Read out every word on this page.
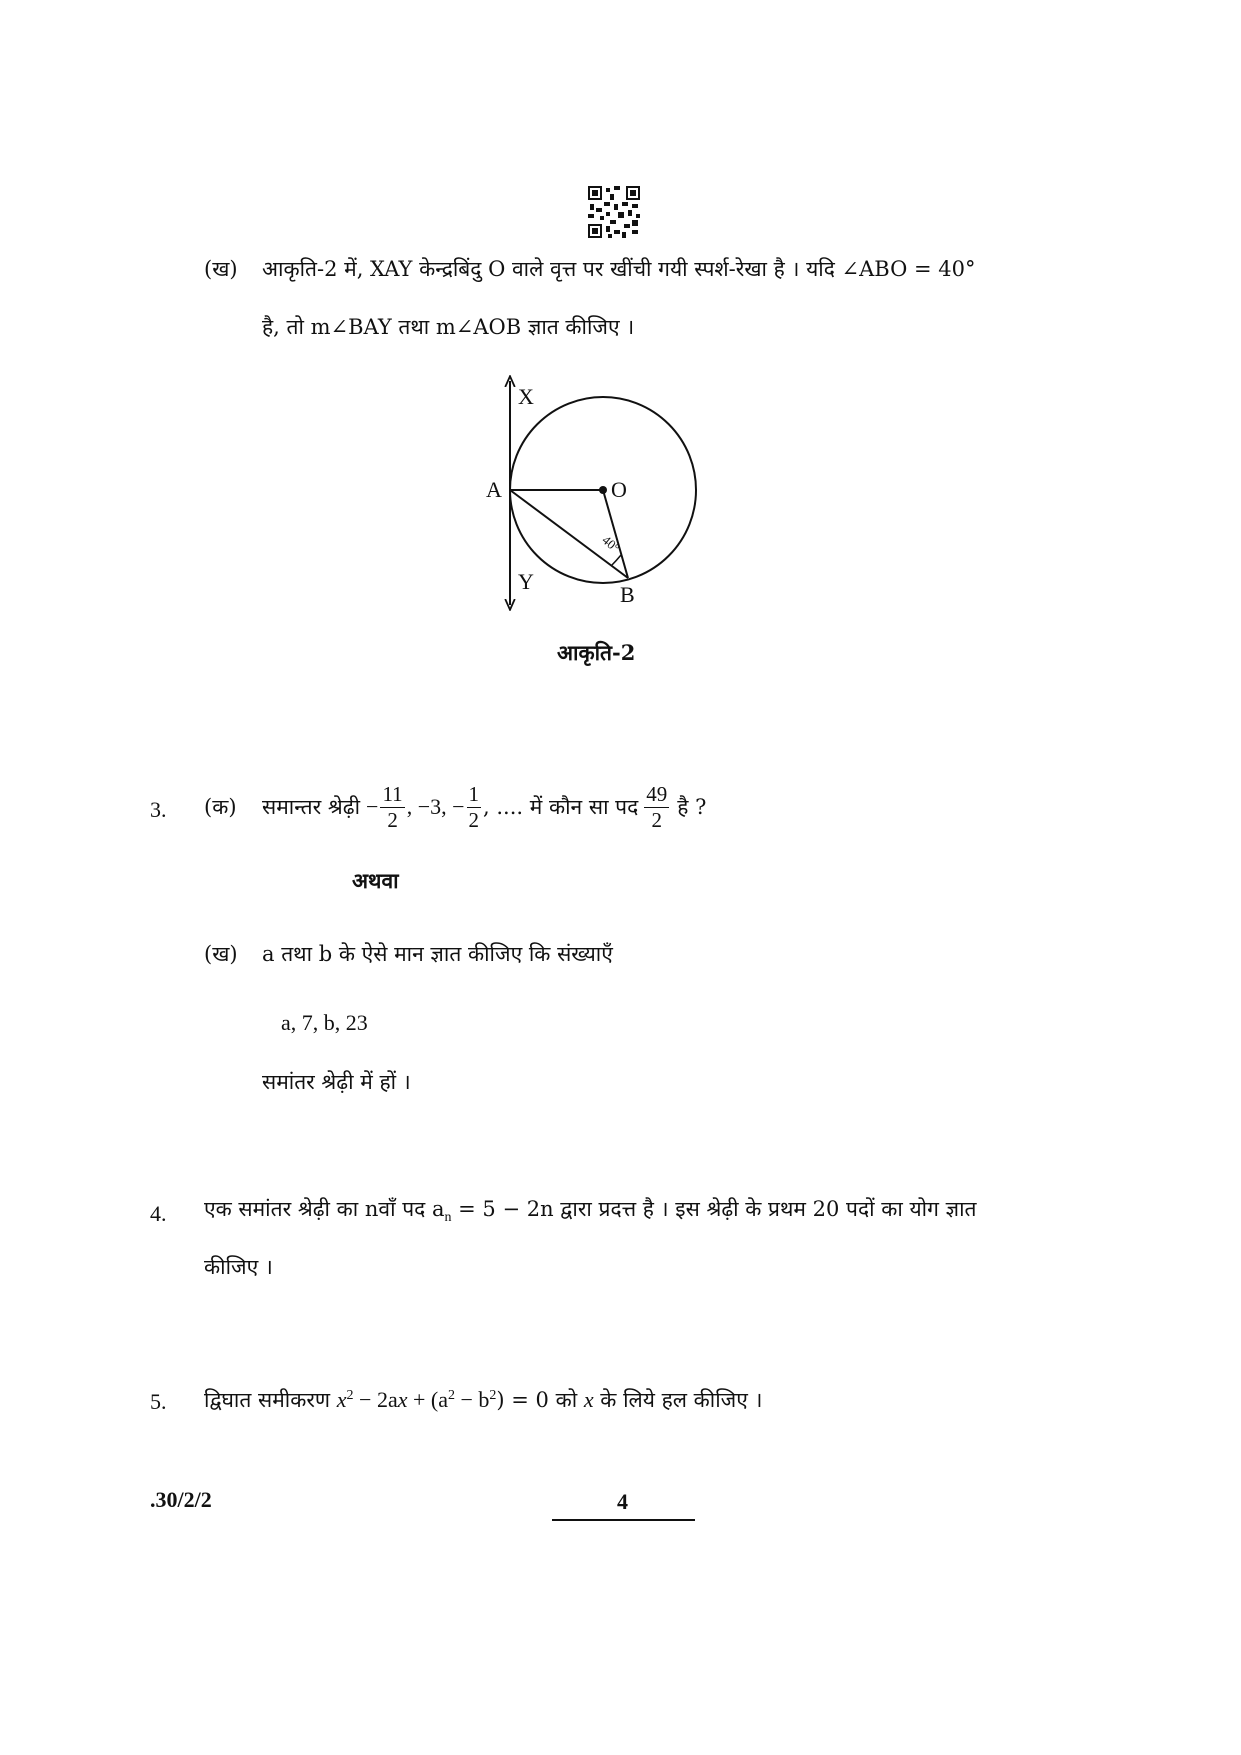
(ख) आकृति-2 में, XAY केन्द्रबिंदु O वाले वृत्त पर खींची गयी स्पर्श-रेखा है । यदि ∠ABO = 40°
है, तो m∠BAY तथा m∠AOB ज्ञात कीजिए ।
X
Y
A	O
B
40°
आकृति-2
3. (क) समान्तर श्रेढ़ी − $\frac{11}{2}$ , −3, − $\frac{1}{2}$ , .... में कौन सा पद $\frac{49}{2}$ है ?
अथवा
(ख) a तथा b के ऐसे मान ज्ञात कीजिए कि संख्याएँ
a, 7, b, 23
समांतर श्रेढ़ी में हों ।
4. एक समांतर श्रेढ़ी का nवाँ पद $a_n = 5 - 2n$ द्वारा प्रदत्त है । इस श्रेढ़ी के प्रथम 20 पदों का योग ज्ञात
कीजिए ।
5. द्विघात समीकरण $x^2 - 2ax + (a^2 - b^2) = 0$ को x के लिये हल कीजिए ।
.30/2/2	4
